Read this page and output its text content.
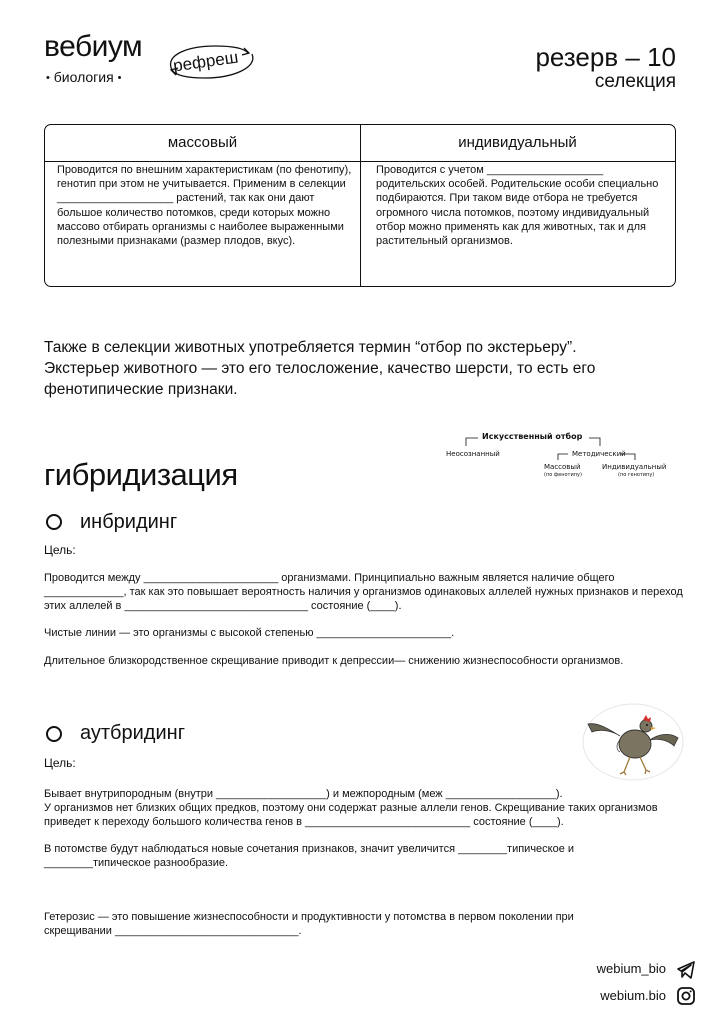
вебиум
• биология •
рефреш	резерв – 10
селекция
массовый	индивидуальный
Проводится по внешним характеристикам (по фенотипу), генотип при этом не учитывается. Применим в селекции ___________________ растений, так как они дают большое количество потомков, среди которых можно массово отбирать организмы с наиболее выраженными полезными признаками (размер плодов, вкус).
Проводится с учетом ___________________ родительских особей. Родительские особи специально подбираются. При таком виде отбора не требуется огромного числа потомков, поэтому индивидуальный отбор можно применять как для животных, так и для растительный организмов.
Также в селекции животных употребляется термин “отбор по экстерьеру”. Экстерьер животного — это его телосложение, качество шерсти, то есть его фенотипические признаки.
Искусственный отбор
Неосознанный	Методический
Массовый
(по фенотипу)
Индивидуальный
(по генотипу)
гибридизация
инбридинг
Цель:
Проводится между ______________________ организмами. Принципиально важным является наличие общего _____________, так как это повышает вероятность наличия у организмов одинаковых аллелей нужных признаков и переход этих аллелей в ______________________________ состояние (____).
Чистые линии — это организмы с высокой степенью ______________________.
Длительное близкородственное скрещивание приводит к депрессии— снижению жизнеспособности организмов.
аутбридинг
Цель:
Бывает внутрипородным (внутри __________________) и межпородным (меж __________________).
У организмов нет близких общих предков, поэтому они содержат разные аллели генов. Скрещивание таких организмов приведет к переходу большого количества генов в ___________________________ состояние (____).
В потомстве будут наблюдаться новые сочетания признаков, значит увеличится ________типическое и ________типическое разнообразие.
Гетерозис — это повышение жизнеспособности и продуктивности у потомства в первом поколении при скрещивании ______________________________.
webium_bio
webium.bio
